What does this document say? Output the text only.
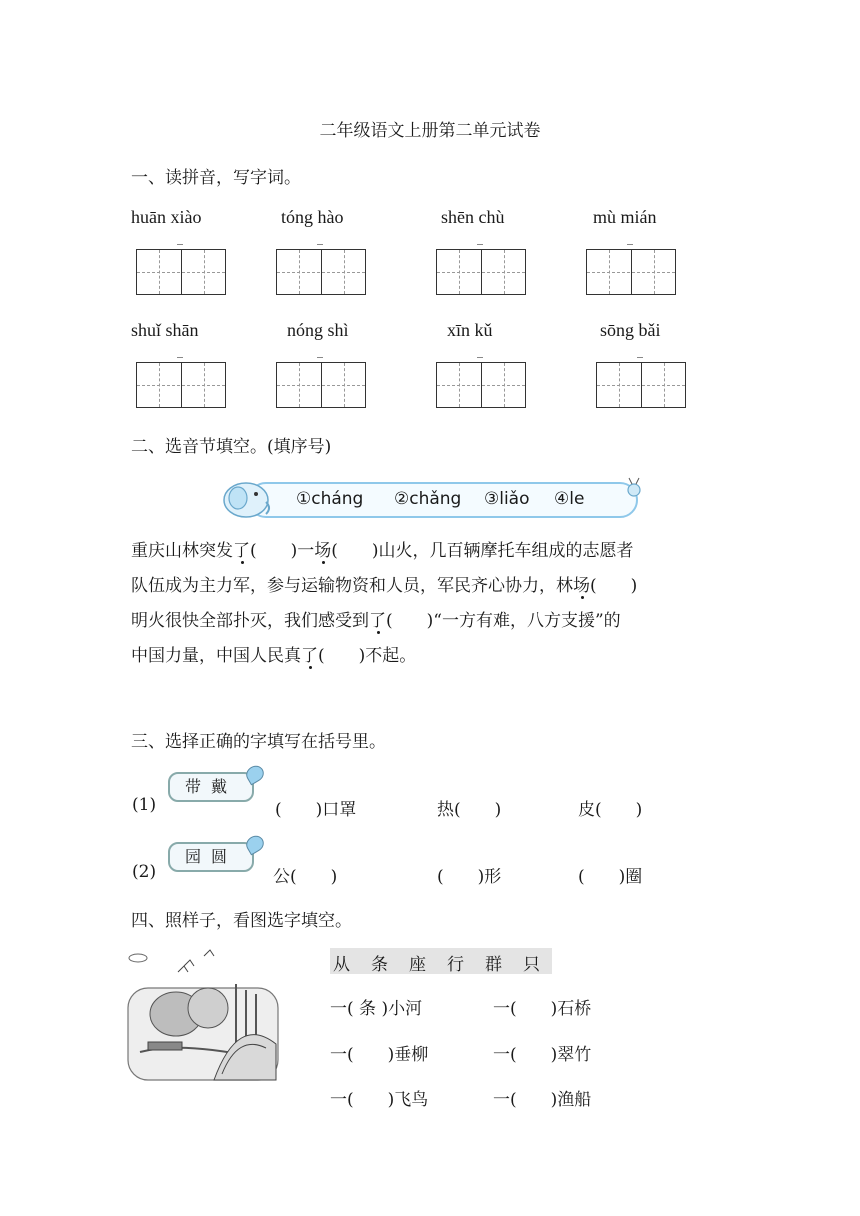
二年级语文上册第二单元试卷
一、读拼音，写字词。
huān xiào	tóng hào	shēn chù	mù mián
shuǐ shān	nóng shì	xīn kǔ	sōng bǎi
二、选音节填空。(填序号)
①cháng ②chǎng ③liǎo ④le

重庆山林突发了(　　)一场(　　)山火，几百辆摩托车组成的志愿者

队伍成为主力军，参与运输物资和人员，军民齐心协力，林场(　　)

明火很快全部扑灭，我们感受到了(　　)“一方有难，八方支援”的

中国力量，中国人民真了(　　)不起。

三、选择正确的字填写在括号里。
(1)
带戴
(　　)口罩	热(　　)	皮(　　)
(2)
园圆
公(　　)	(　　)形	(　　)圈
四、照样子，看图选字填空。
从 条 座 行 群 只
一( 条 )小河	一(　　)石桥
一(　　)垂柳	一(　　)翠竹
一(　　)飞鸟	一(　　)渔船
